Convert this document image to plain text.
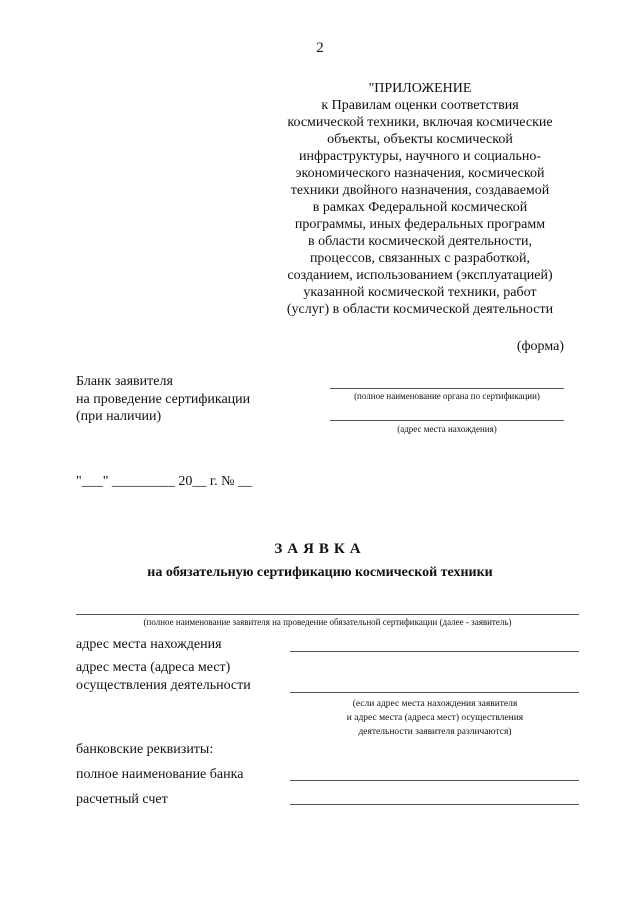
2
"ПРИЛОЖЕНИЕ
к Правилам оценки соответствия
космической техники, включая космические
объекты, объекты космической
инфраструктуры, научного и социально-
экономического назначения, космической
техники двойного назначения, создаваемой
в рамках Федеральной космической
программы, иных федеральных программ
в области космической деятельности,
процессов, связанных с разработкой,
созданием, использованием (эксплуатацией)
указанной космической техники, работ
(услуг) в области космической деятельности
(форма)
Бланк заявителя
на проведение сертификации
(при наличии)
(полное наименование органа по сертификации)
(адрес места нахождения)
"___" _________ 20__ г. № __
ЗАЯВКА
на обязательную сертификацию космической техники
(полное наименование заявителя на проведение обязательной сертификации (далее - заявитель)
адрес места нахождения
адрес места (адреса мест)
осуществления деятельности
(если адрес места нахождения заявителя
и адрес места (адреса мест) осуществления
деятельности заявителя различаются)
банковские реквизиты:
полное наименование банка
расчетный счет
